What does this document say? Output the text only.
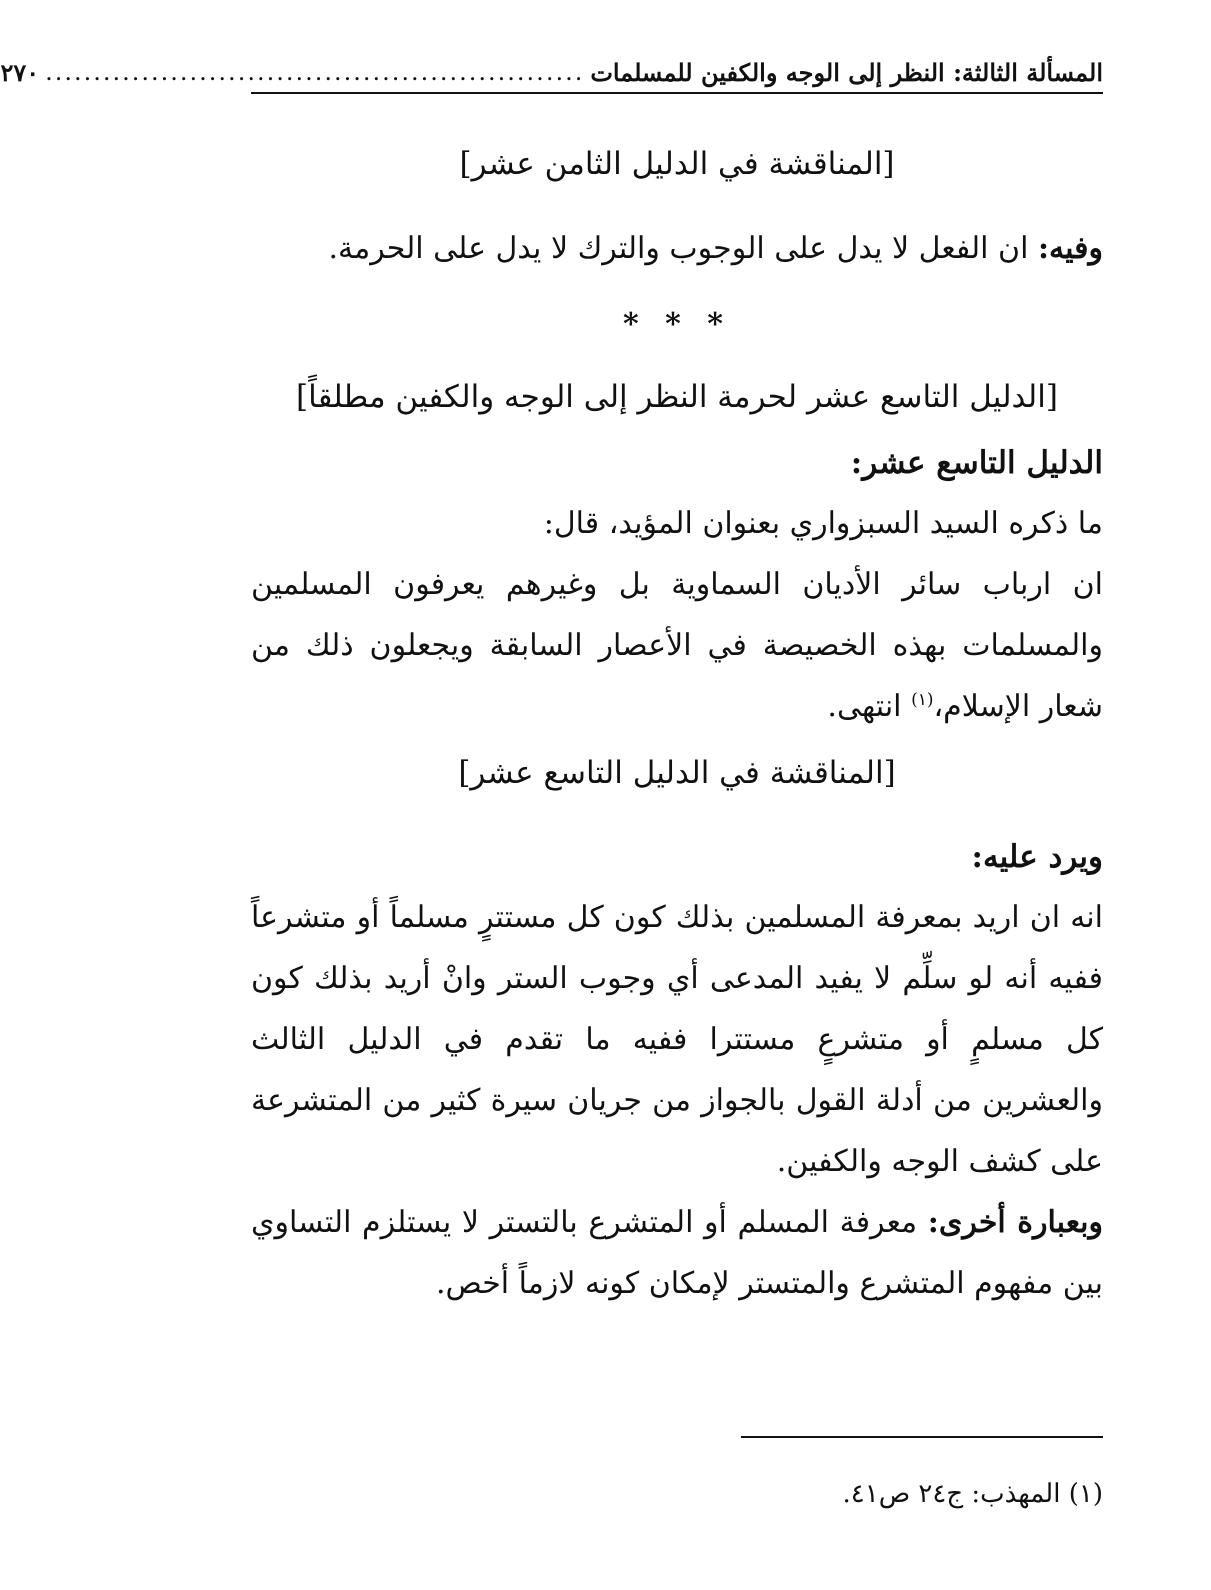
المسألة الثالثة: النظر إلى الوجه والكفين للمسلمات
........................................................
٢٧٠
[المناقشة في الدليل الثامن عشر]

وفيه: ان الفعل لا يدل على الوجوب والترك لا يدل على الحرمة.

* * *
[الدليل التاسع عشر لحرمة النظر إلى الوجه والكفين مطلقاً]

الدليل التاسع عشر:

ما ذكره السيد السبزواري بعنوان المؤيد، قال:

ان ارباب سائر الأديان السماوية بل وغيرهم يعرفون المسلمين والمسلمات بهذه الخصيصة في الأعصار السابقة ويجعلون ذلك من شعار الإسلام،$^{(١)}$ انتهى.

[المناقشة في الدليل التاسع عشر]

ويرد عليه:

انه ان اريد بمعرفة المسلمين بذلك كون كل مستترٍ مسلماً أو متشرعاً ففيه أنه لو سلِّم لا يفيد المدعى أي وجوب الستر وانْ أريد بذلك كون كل مسلمٍ أو متشرعٍ مستترا ففيه ما تقدم في الدليل الثالث والعشرين من أدلة القول بالجواز من جريان سيرة كثير من المتشرعة على كشف الوجه والكفين.

وبعبارة أخرى: معرفة المسلم أو المتشرع بالتستر لا يستلزم التساوي بين مفهوم المتشرع والمتستر لإمكان كونه لازماً أخص.

(١) المهذب: ج٢٤ ص٤١.
